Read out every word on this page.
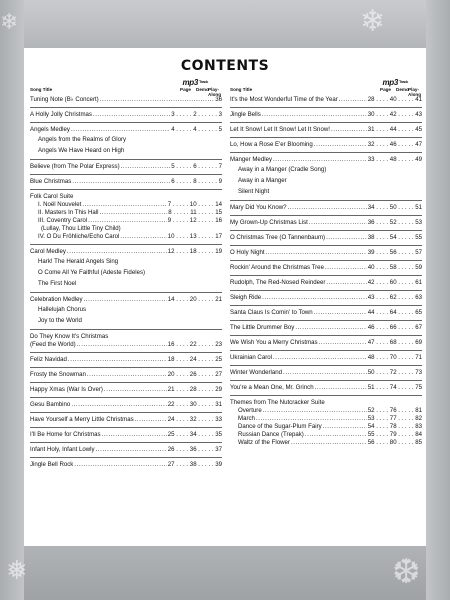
❄
❅	❆
❄
CONTENTS
$mp3^{Track}$
Song Title	Page Demo Play- Along
Tuning Note (B♭ Concert) .....	36
A Holly Jolly Christmas .....	3 . . . . . 2 . . . . . . 3
Angels Medley .....	4 . . . . . 4 . . . . . . 5
Angels from the Realms of Glory
Angels We Have Heard on High
Believe (from The Polar Express) .....	5 . . . . . 6 . . . . . . 7
Blue Christmas .....	6 . . . . . 8 . . . . . . 9
Folk Carol Suite
I. Noël Nouvelet .....	7 . . . . . 10 . . . . . 14
II. Masters In This Hall .....	8 . . . . . 11 . . . . . 15
III. Coventry Carol .....	9 . . . . . 12 . . . . . 16
(Lullay, Thou Little Tiny Child)
IV. O Du Fröhliche/Echo Carol .....	10 . . . . 13 . . . . . 17
Carol Medley .....	12 . . . . 18 . . . . . 19
Hark! The Herald Angels Sing
O Come All Ye Faithful (Adeste Fideles)
The First Noel
Celebration Medley .....	14 . . . . 20 . . . . . 21
Hallelujah Chorus
Joy to the World
Do They Know It's Christmas
(Feed the World) .....	16 . . . . 22 . . . . . 23
Feliz Navidad .....	18 . . . . 24 . . . . . 25
Frosty the Snowman .....	20 . . . . 26 . . . . . 27
Happy Xmas (War Is Over) .....	21 . . . . 28 . . . . . 29
Gesu Bambino .....	22 . . . . 30 . . . . . 31
Have Yourself a Merry Little Christmas .....	24 . . . . 32 . . . . . 33
I'll Be Home for Christmas .....	25 . . . . 34 . . . . . 35
Infant Holy, Infant Lowly .....	26 . . . . 36 . . . . . 37
Jingle Bell Rock .....	27 . . . . 38 . . . . . 39
$mp3^{Track}$
Song Title	Page Demo Play- Along
It's the Most Wonderful Time of the Year .....	28 . . . . 40 . . . . . 41
Jingle Bells .....	30 . . . . 42 . . . . . 43
Let It Snow! Let It Snow! Let It Snow! .....	31 . . . . 44 . . . . . 45
Lo, How a Rose E'er Blooming .....	32 . . . . 46 . . . . . 47
Manger Medley .....	33 . . . . 48 . . . . . 49
Away in a Manger (Cradle Song)
Away in a Manger
Silent Night
Mary Did You Know? .....	34 . . . . 50 . . . . . 51
My Grown-Up Christmas List .....	36 . . . . 52 . . . . . 53
O Christmas Tree (O Tannenbaum) .....	38 . . . . 54 . . . . . 55
O Holy Night .....	39 . . . . 56 . . . . . 57
Rockin' Around the Christmas Tree .....	40 . . . . 58 . . . . . 59
Rudolph, The Red-Nosed Reindeer .....	42 . . . . 60 . . . . . 61
Sleigh Ride .....	43 . . . . 62 . . . . . 63
Santa Claus Is Comin' to Town .....	44 . . . . 64 . . . . . 65
The Little Drummer Boy .....	46 . . . . 66 . . . . . 67
We Wish You a Merry Christmas .....	47 . . . . 68 . . . . . 69
Ukrainian Carol .....	48 . . . . 70 . . . . . 71
Winter Wonderland .....	50 . . . . 72 . . . . . 73
You're a Mean One, Mr. Grinch .....	51 . . . . 74 . . . . . 75
Themes from The Nutcracker Suite
Overture .....	52 . . . . 76 . . . . . 81
March .....	53 . . . . 77 . . . . . 82
Dance of the Sugar-Plum Fairy .....	54 . . . . 78 . . . . . 83
Russian Dance (Trepak) .....	55 . . . . 79 . . . . . 84
Waltz of the Flower .....	56 . . . . 80 . . . . . 85
